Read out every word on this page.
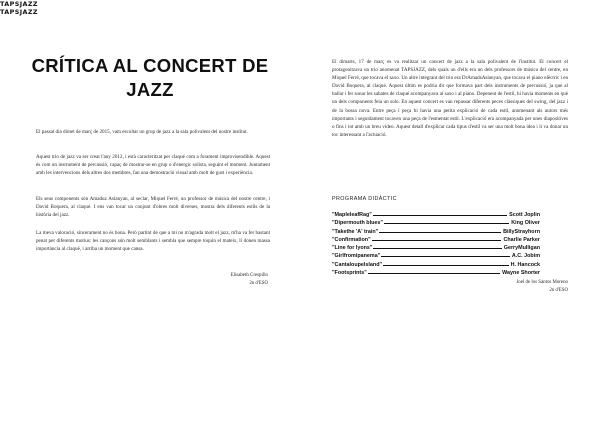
CRÍTICA AL CONCERT DE JAZZ
TAPSJAZZ

El passat dia dimet de març de 2015, vam escoltar un grup de jazz a la sala polivalent del nostre institut.

Aquest trio de jazz va ser creat l'any 2012, i està caracteritzat per claqué com a forament improvisendible. Aquest és com un instrument de percussió, capaç de mostrar-se en grup o d'energic solista, seguint el moment. Juntament amb les intervencions dels altres dos membres, fan una demostració visual amb molt de gust i experiència.

Els seus components són Amaduz Aslanyan, al seclar, Miquel Ferré, un professor de música del nostre centre, i David Boquera, al claqué. I ens van tocar un conjunt d'obres molt diverses, mostra dels diferents estils de la història del jazz.

La meva valoració, sincerament no és bona. Però partint de que a mi no m'agrada molt el jazz, m'ha va fer bastant penat per diferents motius: les cançons són molt semblants i sembla que sempre toquin el mateix, li donen massa importància al claqué, i arriba un moment que cansa.

Elisabeth Crespillo
2n d'ESO
TAPSJAZZ

El dimarts, 17 de març es va realitzar un concert de jazz a la sala polivalent de l'institut. El concert el protagonitzava un trio anomenat TAPSJAZZ, dels quals un d'ells era un dels professors de música del centre, en Miquel Ferré, que tocava el saxo. Un altre integrant del trio era DrAmadsAslanyan, que tocava el piano elèctric i en David Boquera, al claqué. Aquest últim es podria dir que formava part dels instruments de percussió, ja que al ballar i fer sonar les sabates de claqué acompanyava al saxo i al piano. Depenent de l'estil, hi havia moments en què un dels components feia un solo. En aquest concert es van repassar diferents peces clàssiques del swing, del jazz i de la bossa nova. Entre peça i peça hi havia una petita explicació de cada estil, anomenant als autors més importants i seguidament tocaven una peça de l'esmentat estil. L'explicació era acompanyada per unes diapositives o fins i tot amb un breu vídeo. Aquest detall d'explicar cada tipus d'estil va ser una molt bona idea i li va donar un toc interessant a l'actuació.

PROGRAMA DIDÀCTIC
"MapleleafRag"	Scott Joplin
"Dipermouth blues"	King Oliver
"Takethe 'A' train"	BillyStrayhorn
"Confirmation"	Charlie Parker
"Line for lyons"	GerryMulligan
"Girlfromipanema"	A.C. Jobim
"Cantaloupelsland"	H. Hancock
"Footsprints"	Wayne Shorter
Joel de los Santos Moreno
2n d'ESO
